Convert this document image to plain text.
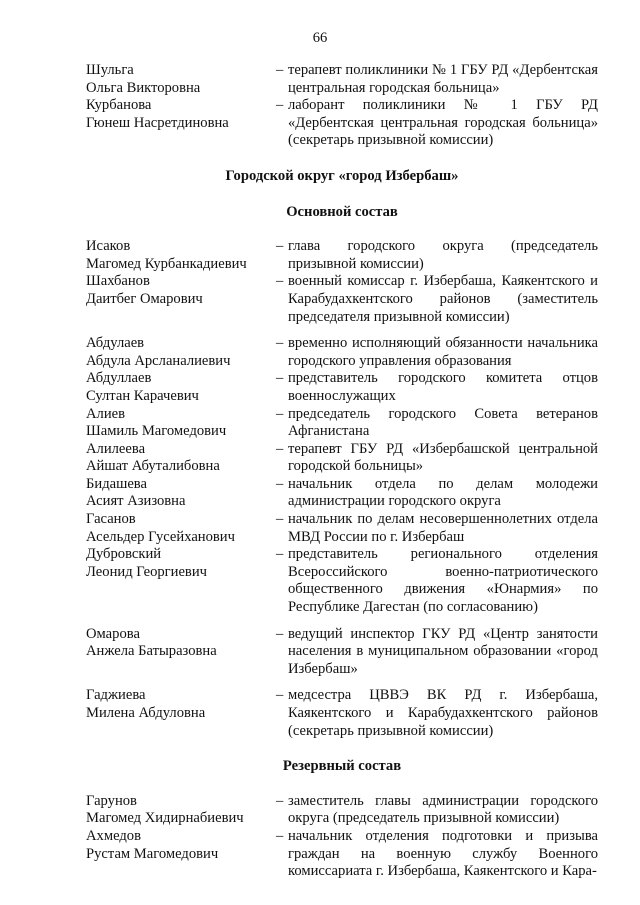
66
Шульга
Ольга Викторовна
– терапевт поликлиники № 1 ГБУ РД «Дербентская центральная городская больница»
Курбанова
Гюнеш Насретдиновна
– лаборант поликлиники № 1 ГБУ РД «Дербентская центральная городская больница» (секретарь призывной комиссии)
Городской округ «город Избербаш»
Основной состав
Исаков
Магомед Курбанкадиевич
– глава городского округа (председатель призывной комиссии)
Шахбанов
Даитбег Омарович
– военный комиссар г. Избербаша, Каякентского и Карабудахкентского районов (заместитель председателя призывной комиссии)
Абдулаев
Абдула Арсланалиевич
– временно исполняющий обязанности начальника городского управления образования
Абдуллаев
Султан Карачевич
– представитель городского комитета отцов военнослужащих
Алиев
Шамиль Магомедович
– председатель городского Совета ветеранов Афганистана
Алилеева
Айшат Абуталибовна
– терапевт ГБУ РД «Избербашской центральной городской больницы»
Бидашева
Асият Азизовна
– начальник отдела по делам молодежи администрации городского округа
Гасанов
Асельдер Гусейханович
– начальник по делам несовершеннолетних отдела МВД России по г. Избербаш
Дубровский
Леонид Георгиевич
– представитель регионального отделения Всероссийского военно-патриотического общественного движения «Юнармия» по Республике Дагестан (по согласованию)
Омарова
Анжела Батыразовна
– ведущий инспектор ГКУ РД «Центр занятости населения в муниципальном образовании «город Избербаш»
Гаджиева
Милена Абдуловна
– медсестра ЦВВЭ ВК РД г. Избербаша, Каякентского и Карабудахкентского районов (секретарь призывной комиссии)
Резервный состав
Гарунов
Магомед Хидирнабиевич
– заместитель главы администрации городского округа (председатель призывной комиссии)
Ахмедов
Рустам Магомедович
– начальник отделения подготовки и призыва граждан на военную службу Военного комиссариата г. Избербаша, Каякентского и Кара-
